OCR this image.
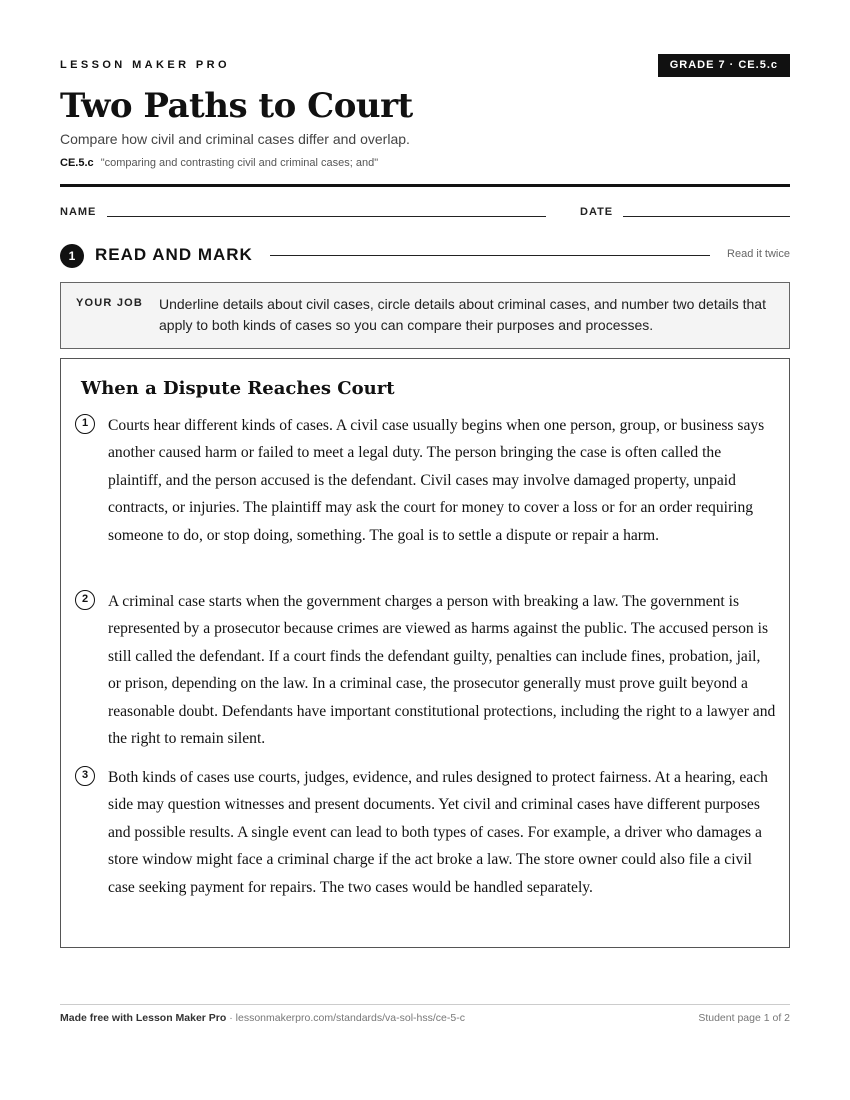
LESSON MAKER PRO	GRADE 7 · CE.5.c
Two Paths to Court
Compare how civil and criminal cases differ and overlap.
CE.5.c "comparing and contrasting civil and criminal cases; and"
NAME	DATE
1	READ AND MARK	Read it twice
YOUR JOB Underline details about civil cases, circle details about criminal cases, and number two details that apply to both kinds of cases so you can compare their purposes and processes.
When a Dispute Reaches Court
1	Courts hear different kinds of cases. A civil case usually begins when one person, group, or business says another caused harm or failed to meet a legal duty. The person bringing the case is often called the plaintiff, and the person accused is the defendant. Civil cases may involve damaged property, unpaid contracts, or injuries. The plaintiff may ask the court for money to cover a loss or for an order requiring someone to do, or stop doing, something. The goal is to settle a dispute or repair a harm.

2	A criminal case starts when the government charges a person with breaking a law. The government is represented by a prosecutor because crimes are viewed as harms against the public. The accused person is still called the defendant. If a court finds the defendant guilty, penalties can include fines, probation, jail, or prison, depending on the law. In a criminal case, the prosecutor generally must prove guilt beyond a reasonable doubt. Defendants have important constitutional protections, including the right to a lawyer and the right to remain silent.

3	Both kinds of cases use courts, judges, evidence, and rules designed to protect fairness. At a hearing, each side may question witnesses and present documents. Yet civil and criminal cases have different purposes and possible results. A single event can lead to both types of cases. For example, a driver who damages a store window might face a criminal charge if the act broke a law. The store owner could also file a civil case seeking payment for repairs. The two cases would be handled separately.

Made free with Lesson Maker Pro · lessonmakerpro.com/standards/va-sol-hss/ce-5-c	Student page 1 of 2
